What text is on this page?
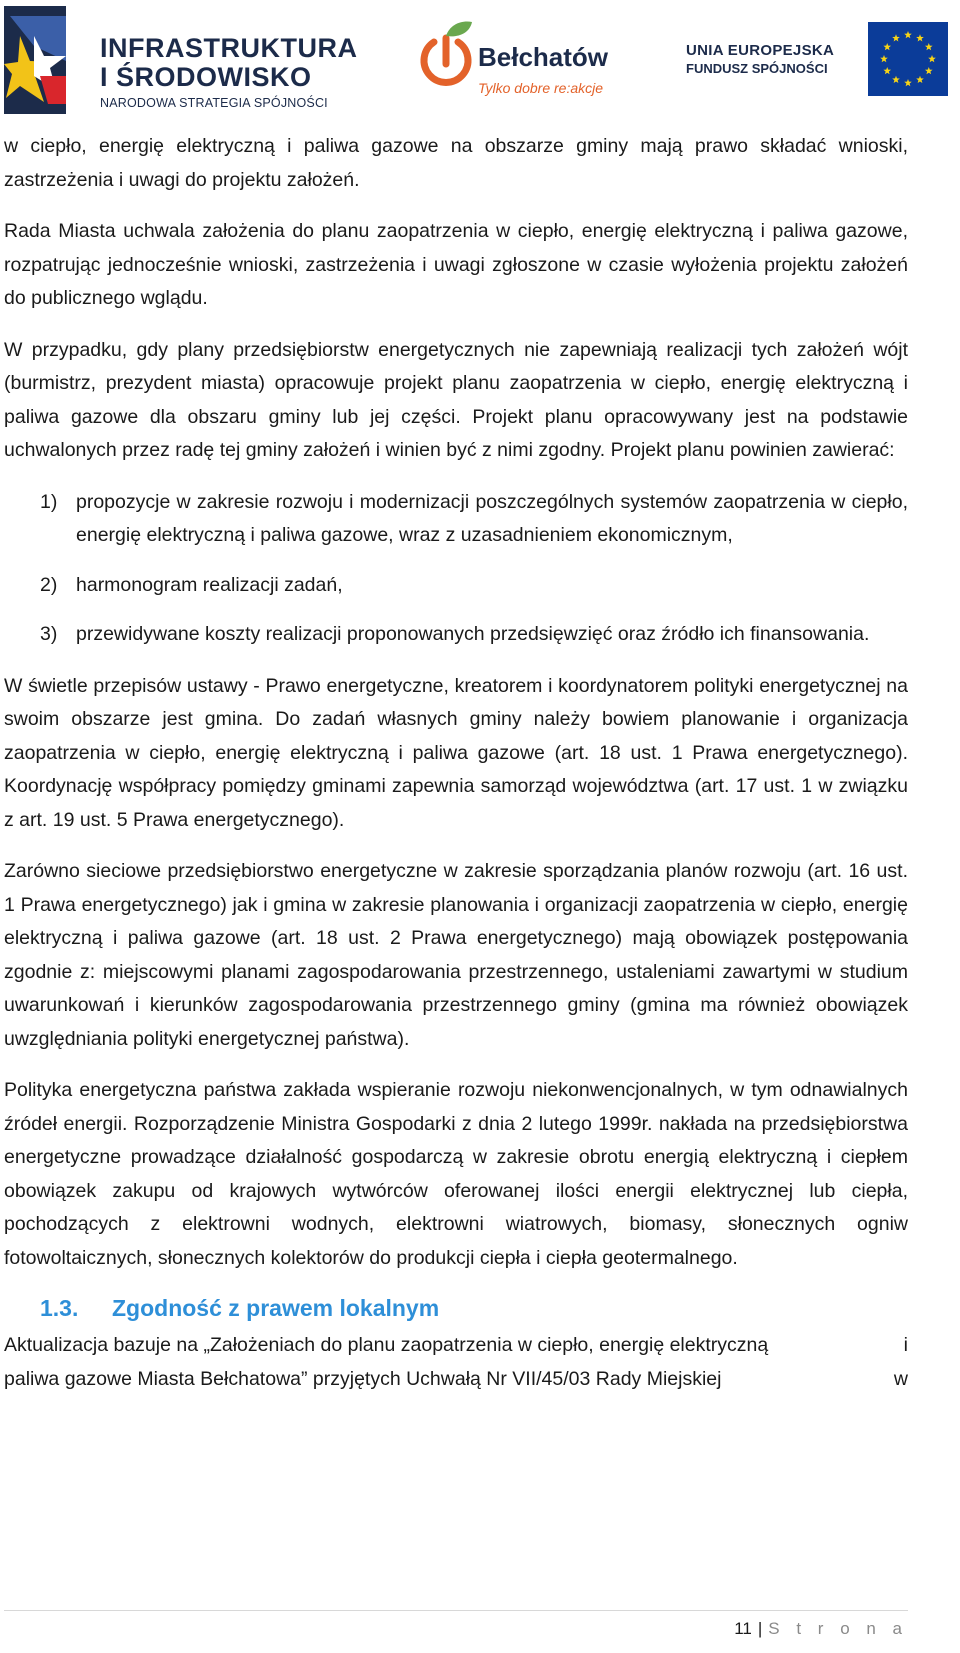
INFRASTRUKTURA
I ŚRODOWISKO
NARODOWA STRATEGIA SPÓJNOŚCI
Bełchatów
Tylko dobre re:akcje
UNIA EUROPEJSKA
FUNDUSZ SPÓJNOŚCI

w ciepło, energię elektryczną i paliwa gazowe na obszarze gminy mają prawo składać wnioski, zastrzeżenia i uwagi do projektu założeń.

Rada Miasta uchwala założenia do planu zaopatrzenia w ciepło, energię elektryczną i paliwa gazowe, rozpatrując jednocześnie wnioski, zastrzeżenia i uwagi zgłoszone w czasie wyłożenia projektu założeń do publicznego wglądu.

W przypadku, gdy plany przedsiębiorstw energetycznych nie zapewniają realizacji tych założeń wójt (burmistrz, prezydent miasta) opracowuje projekt planu zaopatrzenia w ciepło, energię elektryczną i paliwa gazowe dla obszaru gminy lub jej części. Projekt planu opracowywany jest na podstawie uchwalonych przez radę tej gminy założeń i winien być z nimi zgodny. Projekt planu powinien zawierać:

1) propozycje w zakresie rozwoju i modernizacji poszczególnych systemów zaopatrzenia w ciepło, energię elektryczną i paliwa gazowe, wraz z uzasadnieniem ekonomicznym,
2) harmonogram realizacji zadań,
3) przewidywane koszty realizacji proponowanych przedsięwzięć oraz źródło ich finansowania.

W świetle przepisów ustawy - Prawo energetyczne, kreatorem i koordynatorem polityki energetycznej na swoim obszarze jest gmina. Do zadań własnych gminy należy bowiem planowanie i organizacja zaopatrzenia w ciepło, energię elektryczną i paliwa gazowe (art. 18 ust. 1 Prawa energetycznego). Koordynację współpracy pomiędzy gminami zapewnia samorząd województwa (art. 17 ust. 1 w związku z art. 19 ust. 5 Prawa energetycznego).

Zarówno sieciowe przedsiębiorstwo energetyczne w zakresie sporządzania planów rozwoju (art. 16 ust. 1 Prawa energetycznego) jak i gmina w zakresie planowania i organizacji zaopatrzenia w ciepło, energię elektryczną i paliwa gazowe (art. 18 ust. 2 Prawa energetycznego) mają obowiązek postępowania zgodnie z: miejscowymi planami zagospodarowania przestrzennego, ustaleniami zawartymi w studium uwarunkowań i kierunków zagospodarowania przestrzennego gminy (gmina ma również obowiązek uwzględniania polityki energetycznej państwa).

Polityka energetyczna państwa zakłada wspieranie rozwoju niekonwencjonalnych, w tym odnawialnych źródeł energii. Rozporządzenie Ministra Gospodarki z dnia 2 lutego 1999r. nakłada na przedsiębiorstwa energetyczne prowadzące działalność gospodarczą w zakresie obrotu energią elektryczną i ciepłem obowiązek zakupu od krajowych wytwórców oferowanej ilości energii elektrycznej lub ciepła, pochodzących z elektrowni wodnych, elektrowni wiatrowych, biomasy, słonecznych ogniw fotowoltaicznych, słonecznych kolektorów do produkcji ciepła i ciepła geotermalnego.

1.3. Zgodność z prawem lokalnym
Aktualizacja bazuje na „Założeniach do planu zaopatrzenia w ciepło, energię elektryczną	i
paliwa gazowe Miasta Bełchatowa” przyjętych Uchwałą Nr VII/45/03 Rady Miejskiej	w
11 | S t r o n a
